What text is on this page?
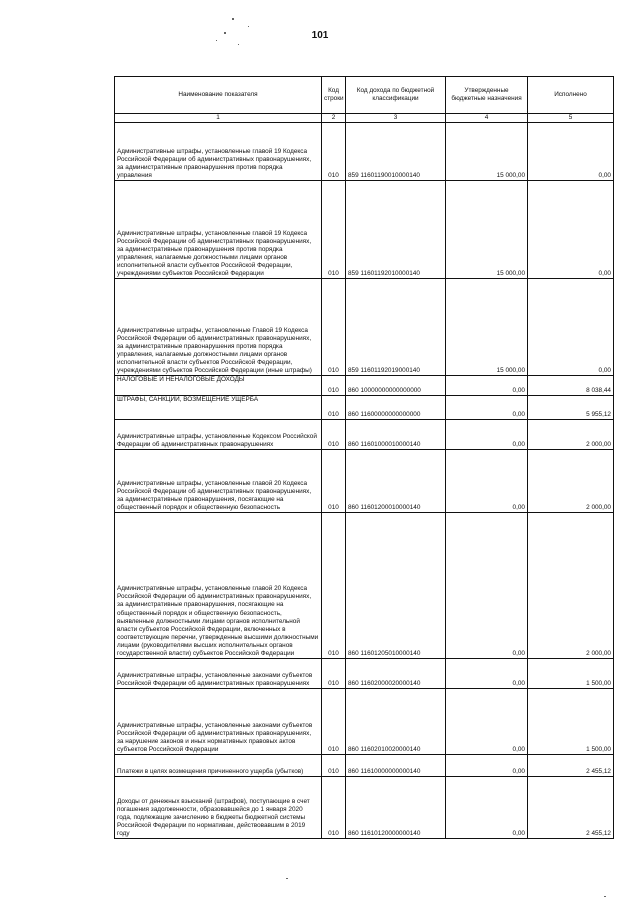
101
Наименование показателя	Код строки	Код дохода по бюджетной классификации	Утвержденные бюджетные назначения	Исполнено
1	2	3	4	5
Административные штрафы, установленные главой 19 Кодекса Российской Федерации об административных правонарушениях, за административные правонарушения против порядка управления	010	859 11601190010000140	15 000,00	0,00
Административные штрафы, установленные главой 19 Кодекса Российской Федерации об административных правонарушениях, за административные правонарушения против порядка управления, налагаемые должностными лицами органов исполнительной власти субъектов Российской Федерации, учреждениями субъектов Российской Федерации	010	859 11601192010000140	15 000,00	0,00
Административные штрафы, установленные Главой 19 Кодекса Российской Федерации об административных правонарушениях, за административные правонарушения против порядка управления, налагаемые должностными лицами органов исполнительной власти субъектов Российской Федерации, учреждениями субъектов Российской Федерации (иные штрафы)	010	859 11601192019000140	15 000,00	0,00
НАЛОГОВЫЕ И НЕНАЛОГОВЫЕ ДОХОДЫ	010	860 10000000000000000	0,00	8 038,44
ШТРАФЫ, САНКЦИИ, ВОЗМЕЩЕНИЕ УЩЕРБА	010	860 11600000000000000	0,00	5 955,12
Административные штрафы, установленные Кодексом Российской Федерации об административных правонарушениях	010	860 11601000010000140	0,00	2 000,00
Административные штрафы, установленные главой 20 Кодекса Российской Федерации об административных правонарушениях, за административные правонарушения, посягающие на общественный порядок и общественную безопасность	010	860 11601200010000140	0,00	2 000,00
Административные штрафы, установленные главой 20 Кодекса Российской Федерации об административных правонарушениях, за административные правонарушения, посягающие на общественный порядок и общественную безопасность, выявленные должностными лицами органов исполнительной власти субъектов Российской Федерации, включенных в соответствующие перечни, утвержденные высшими должностными лицами (руководителями высших исполнительных органов государственной власти) субъектов Российской Федерации	010	860 11601205010000140	0,00	2 000,00
Административные штрафы, установленные законами субъектов Российской Федерации об административных правонарушениях	010	860 11602000020000140	0,00	1 500,00
Административные штрафы, установленные законами субъектов Российской Федерации об административных правонарушениях, за нарушение законов и иных нормативных правовых актов субъектов Российской Федерации	010	860 11602010020000140	0,00	1 500,00
Платежи в целях возмещения причиненного ущерба (убытков)	010	860 11610000000000140	0,00	2 455,12
Доходы от денежных взысканий (штрафов), поступающие в счет погашения задолженности, образовавшейся до 1 января 2020 года, подлежащие зачислению в бюджеты бюджетной системы Российской Федерации по нормативам, действовавшим в 2019 году	010	860 11610120000000140	0,00	2 455,12
